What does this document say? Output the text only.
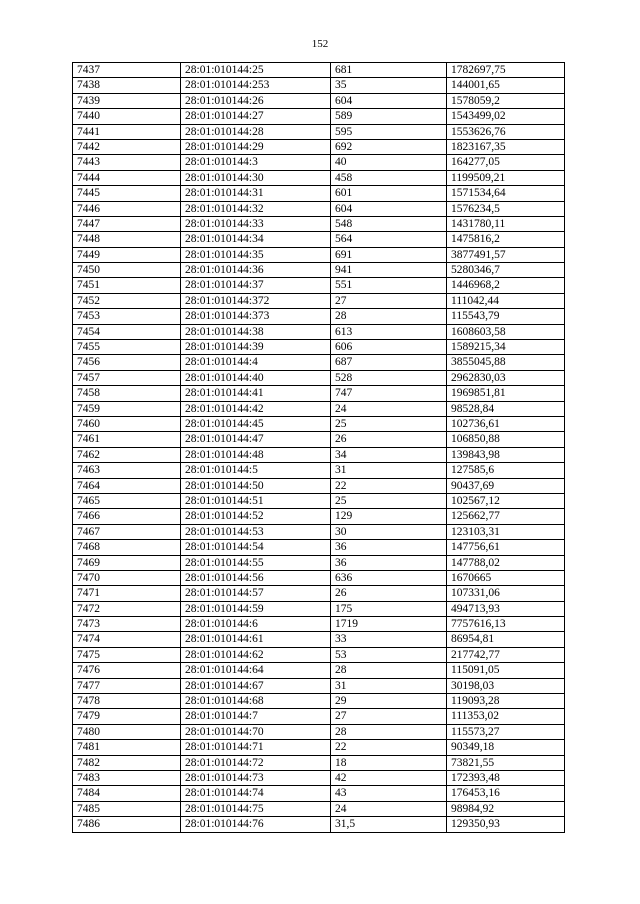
152
7437	28:01:010144:25	681	1782697,75
7438	28:01:010144:253	35	144001,65
7439	28:01:010144:26	604	1578059,2
7440	28:01:010144:27	589	1543499,02
7441	28:01:010144:28	595	1553626,76
7442	28:01:010144:29	692	1823167,35
7443	28:01:010144:3	40	164277,05
7444	28:01:010144:30	458	1199509,21
7445	28:01:010144:31	601	1571534,64
7446	28:01:010144:32	604	1576234,5
7447	28:01:010144:33	548	1431780,11
7448	28:01:010144:34	564	1475816,2
7449	28:01:010144:35	691	3877491,57
7450	28:01:010144:36	941	5280346,7
7451	28:01:010144:37	551	1446968,2
7452	28:01:010144:372	27	111042,44
7453	28:01:010144:373	28	115543,79
7454	28:01:010144:38	613	1608603,58
7455	28:01:010144:39	606	1589215,34
7456	28:01:010144:4	687	3855045,88
7457	28:01:010144:40	528	2962830,03
7458	28:01:010144:41	747	1969851,81
7459	28:01:010144:42	24	98528,84
7460	28:01:010144:45	25	102736,61
7461	28:01:010144:47	26	106850,88
7462	28:01:010144:48	34	139843,98
7463	28:01:010144:5	31	127585,6
7464	28:01:010144:50	22	90437,69
7465	28:01:010144:51	25	102567,12
7466	28:01:010144:52	129	125662,77
7467	28:01:010144:53	30	123103,31
7468	28:01:010144:54	36	147756,61
7469	28:01:010144:55	36	147788,02
7470	28:01:010144:56	636	1670665
7471	28:01:010144:57	26	107331,06
7472	28:01:010144:59	175	494713,93
7473	28:01:010144:6	1719	7757616,13
7474	28:01:010144:61	33	86954,81
7475	28:01:010144:62	53	217742,77
7476	28:01:010144:64	28	115091,05
7477	28:01:010144:67	31	30198,03
7478	28:01:010144:68	29	119093,28
7479	28:01:010144:7	27	111353,02
7480	28:01:010144:70	28	115573,27
7481	28:01:010144:71	22	90349,18
7482	28:01:010144:72	18	73821,55
7483	28:01:010144:73	42	172393,48
7484	28:01:010144:74	43	176453,16
7485	28:01:010144:75	24	98984,92
7486	28:01:010144:76	31,5	129350,93
